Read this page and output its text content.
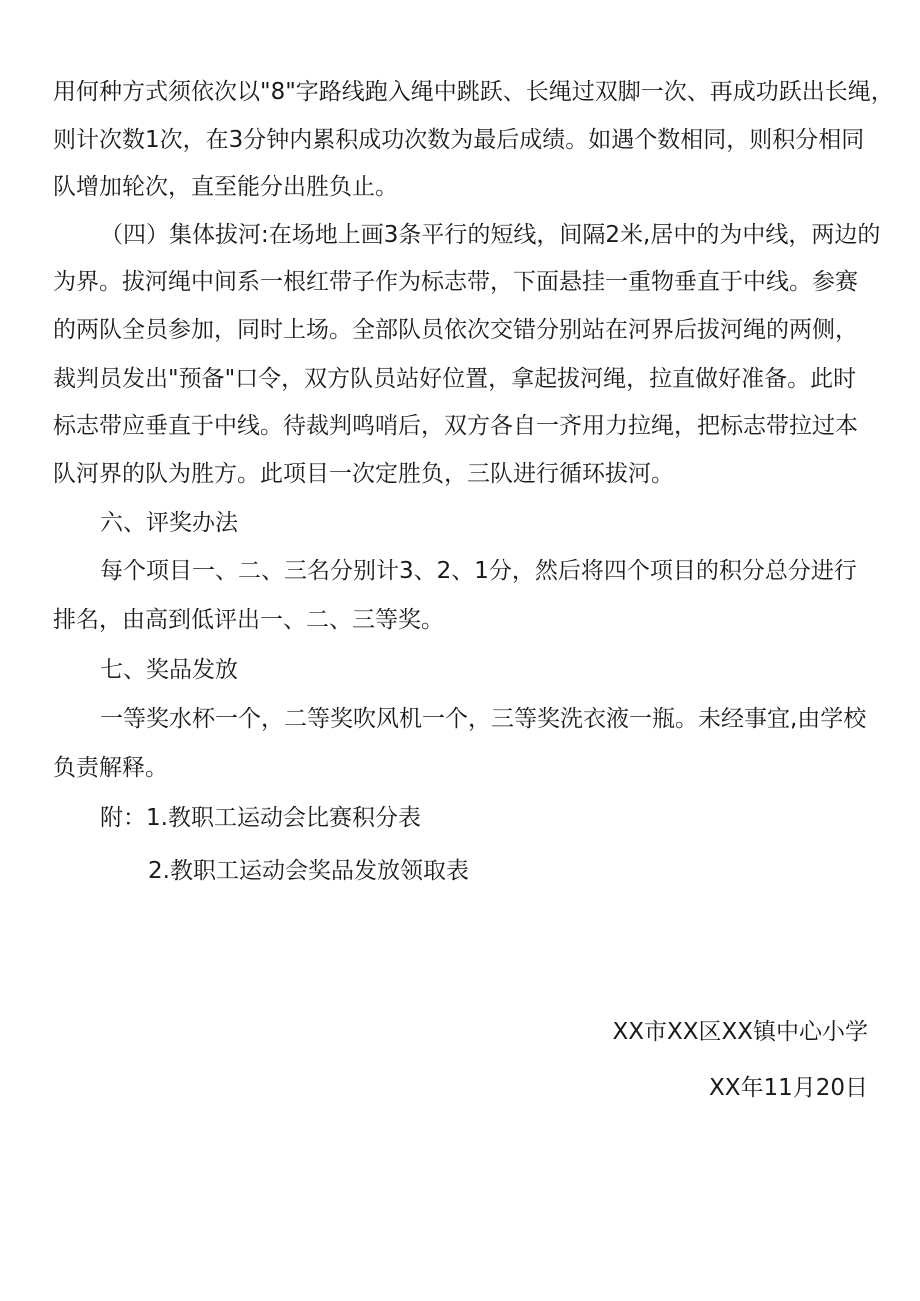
用何种方式须依次以"8"字路线跑入绳中跳跃、长绳过双脚一次、再成功跃出长绳，

则计次数1次，在3分钟内累积成功次数为最后成绩。如遇个数相同，则积分相同

队增加轮次，直至能分出胜负止。

（四）集体拔河:在场地上画3条平行的短线，间隔2米,居中的为中线，两边的

为界。拔河绳中间系一根红带子作为标志带，下面悬挂一重物垂直于中线。参赛

的两队全员参加，同时上场。全部队员依次交错分别站在河界后拔河绳的两侧，

裁判员发出"预备"口令，双方队员站好位置，拿起拔河绳，拉直做好准备。此时

标志带应垂直于中线。待裁判鸣哨后，双方各自一齐用力拉绳，把标志带拉过本

队河界的队为胜方。此项目一次定胜负，三队进行循环拔河。

六、评奖办法

每个项目一、二、三名分别计3、2、1分，然后将四个项目的积分总分进行

排名，由高到低评出一、二、三等奖。

七、奖品发放

一等奖水杯一个，二等奖吹风机一个，三等奖洗衣液一瓶。未经事宜,由学校

负责解释。

附：1.教职工运动会比赛积分表

2.教职工运动会奖品发放领取表

XX市XX区XX镇中心小学

XX年11月20日
